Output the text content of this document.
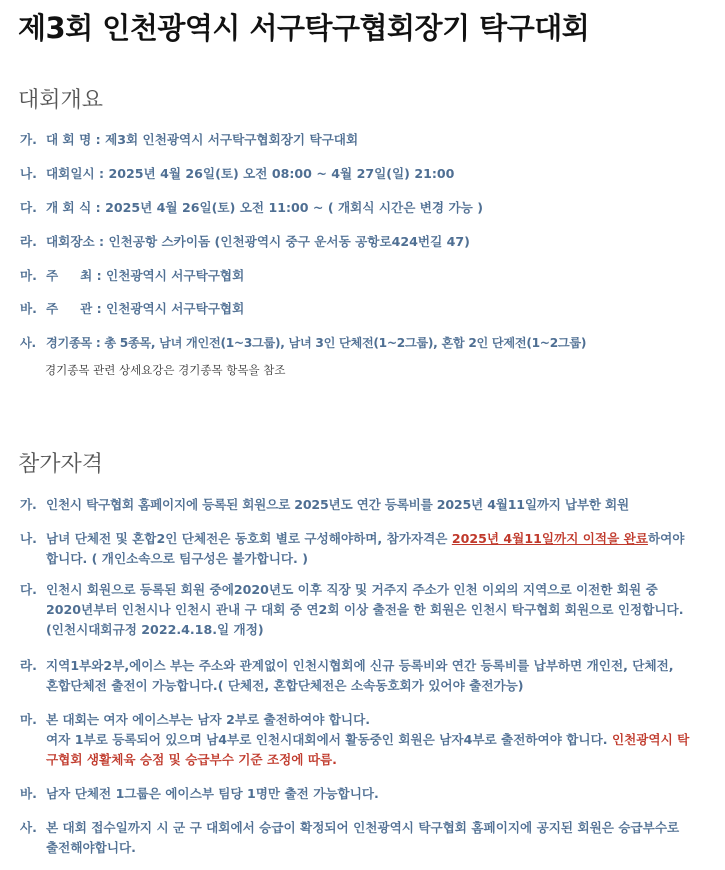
제3회 인천광역시 서구탁구협회장기 탁구대회
대회개요
가. 대 회 명 : 제3회 인천광역시 서구탁구협회장기 탁구대회
나. 대회일시 : 2025년 4월 26일(토) 오전 08:00 ~ 4월 27일(일) 21:00
다. 개 회 식 : 2025년 4월 26일(토) 오전 11:00 ~ ( 개회식 시간은 변경 가능 )
라. 대회장소 : 인천공항 스카이돔 (인천광역시 중구 운서동 공항로424번길 47)
마. 주     최 : 인천광역시 서구탁구협회
바. 주     관 : 인천광역시 서구탁구협회
사. 경기종목 : 총 5종목, 남녀 개인전(1~3그룹), 남녀 3인 단체전(1~2그룹), 혼합 2인 단제전(1~2그룹)
경기종목 관련 상세요강은 경기종목 항목을 참조
참가자격
가. 인천시 탁구협회 홈페이지에 등록된 회원으로 2025년도 연간 등록비를 2025년 4월11일까지 납부한 회원
나. 남녀 단체전 및 혼합2인 단체전은 동호회 별로 구성해야하며, 참가자격은 2025년 4월11일까지 이적을 완료하여야 합니다. ( 개인소속으로 팀구성은 불가합니다. )
다. 인천시 회원으로 등록된 회원 중에2020년도 이후 직장 및 거주지 주소가 인천 이외의 지역으로 이전한 회원 중 2020년부터 인천시나 인천시 관내 구 대회 중 연2회 이상 출전을 한 회원은 인천시 탁구협회 회원으로 인정합니다. (인천시대회규정 2022.4.18.일 개정)
라. 지역1부와2부,에이스 부는 주소와 관계없이 인천시협회에 신규 등록비와 연간 등록비를 납부하면 개인전, 단체전, 혼합단체전 출전이 가능합니다.( 단체전, 혼합단체전은 소속동호회가 있어야 출전가능)
마. 본 대회는 여자 에이스부는 남자 2부로 출전하여야 합니다.
여자 1부로 등록되어 있으며 남4부로 인천시대회에서 활동중인 회원은 남자4부로 출전하여야 합니다. 인천광역시 탁구협회 생활체육 승점 및 승급부수 기준 조정에 따름.
바. 남자 단체전 1그룹은 에이스부 팀당 1명만 출전 가능합니다.
사. 본 대회 접수일까지 시 군 구 대회에서 승급이 확정되어 인천광역시 탁구협회 홈페이지에 공지된 회원은 승급부수로 출전해야합니다.
